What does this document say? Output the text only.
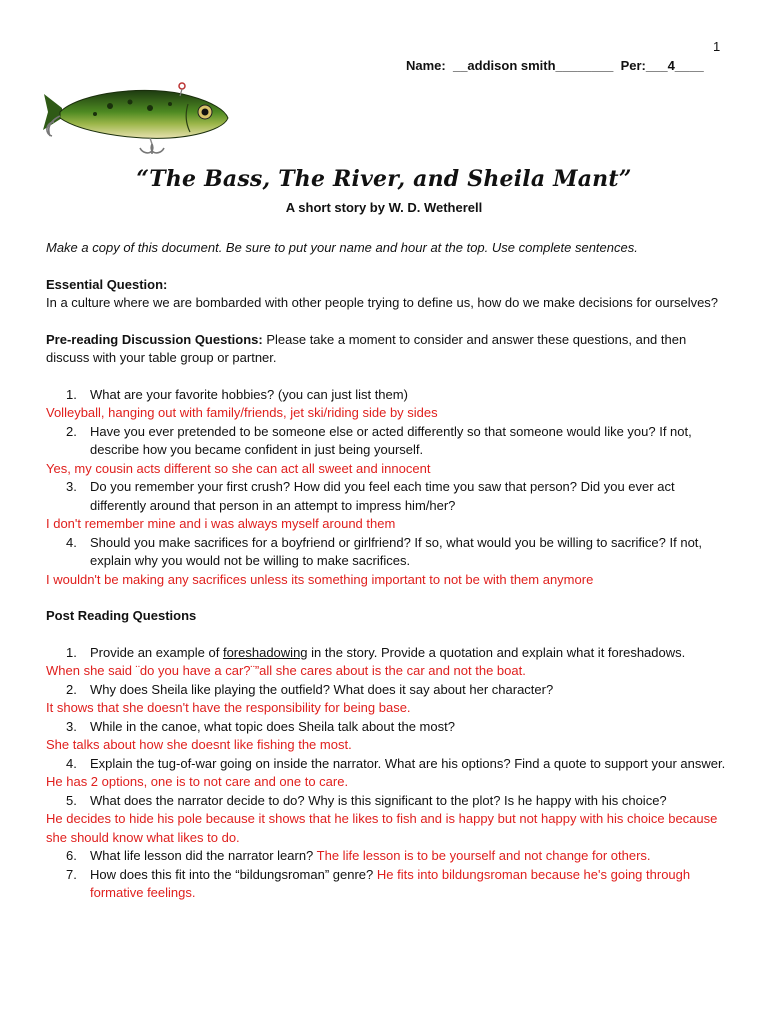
1
Name:  __addison smith________  Per:___4____
“The Bass, The River, and Sheila Mant”
A short story by W. D. Wetherell

Make a copy of this document. Be sure to put your name and hour at the top. Use complete sentences.

Essential Question:

In a culture where we are bombarded with other people trying to define us, how do we make decisions for ourselves?

Pre-reading Discussion Questions: Please take a moment to consider and answer these questions, and then discuss with your table group or partner.

1.	What are your favorite hobbies? (you can just list them)

Volleyball, hanging out with family/friends, jet ski/riding side by sides

2.	Have you ever pretended to be someone else or acted differently so that someone would like you? If not, describe how you became confident in just being yourself.

Yes, my cousin acts different so she can act all sweet and innocent

3.	Do you remember your first crush? How did you feel each time you saw that person? Did you ever act differently around that person in an attempt to impress him/her?

I don't remember mine and i was always myself around them

4.	Should you make sacrifices for a boyfriend or girlfriend? If so, what would you be willing to sacrifice? If not, explain why you would not be willing to make sacrifices.

I wouldn't be making any sacrifices unless its something important to not be with them anymore

Post Reading Questions

1.	Provide an example of foreshadowing in the story. Provide a quotation and explain what it foreshadows.

When she said ¨do you have a car?¨”all she cares about is the car and not the boat.

2.	Why does Sheila like playing the outfield? What does it say about her character?

It shows that she doesn't have the responsibility for being base.

3.	While in the canoe, what topic does Sheila talk about the most?

She talks about how she doesnt like fishing the most.

4.	Explain the tug-of-war going on inside the narrator. What are his options? Find a quote to support your answer.

He has 2 options, one is to not care and one to care.

5.	What does the narrator decide to do? Why is this significant to the plot? Is he happy with his choice?

He decides to hide his pole because it shows that he likes to fish and is happy but not happy with his choice because she should know what likes to do.

6.	What life lesson did the narrator learn? The life lesson is to be yourself and not change for others.
7.	How does this fit into the “bildungsroman” genre? He fits into bildungsroman because he's going through formative feelings.
